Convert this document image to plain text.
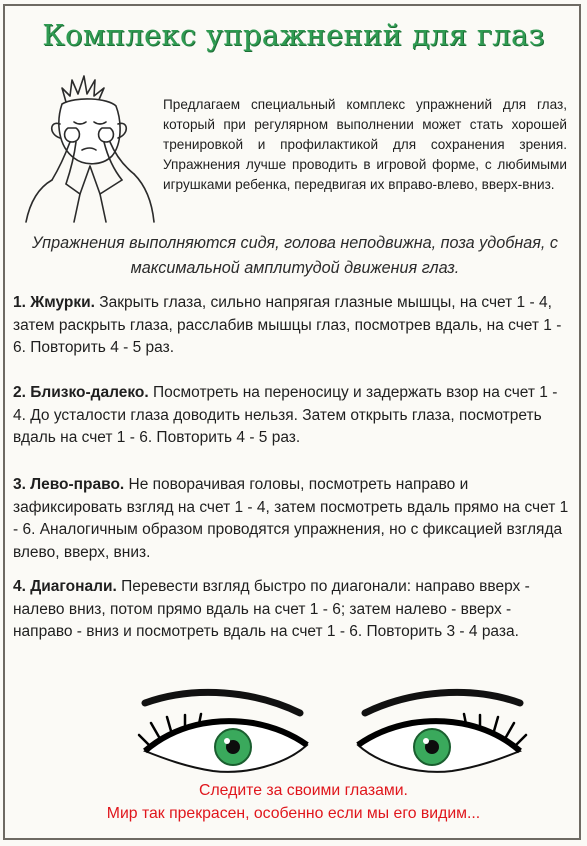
Комплекс упражнений для глаз
Предлагаем специальный комплекс упражнений для глаз, который при регулярном выполнении может стать хорошей тренировкой и профилактикой для сохранения зрения. Упражнения лучше проводить в игровой форме, с любимыми игрушками ребенка, передвигая их вправо-влево, вверх-вниз.
Упражнения выполняются сидя, голова неподвижна, поза удобная, с максимальной амплитудой движения глаз.
1. Жмурки. Закрыть глаза, сильно напрягая глазные мышцы, на счет 1 - 4, затем раскрыть глаза, расслабив мышцы глаз, посмотрев вдаль, на счет 1 - 6. Повторить 4 - 5 раз.
2. Близко-далеко. Посмотреть на переносицу и задержать взор на счет 1 - 4. До усталости глаза доводить нельзя. Затем открыть глаза, посмотреть вдаль на счет 1 - 6. Повторить 4 - 5 раз.
3. Лево-право. Не поворачивая головы, посмотреть направо и зафиксировать взгляд на счет 1 - 4, затем посмотреть вдаль прямо на счет 1 - 6. Аналогичным образом проводятся упражнения, но с фиксацией взгляда влево, вверх, вниз.
4. Диагонали. Перевести взгляд быстро по диагонали: направо вверх - налево вниз, потом прямо вдаль на счет 1 - 6; затем налево - вверх - направо - вниз и посмотреть вдаль на счет 1 - 6. Повторить 3 - 4 раза.
Следите за своими глазами.
Мир так прекрасен, особенно если мы его видим...
